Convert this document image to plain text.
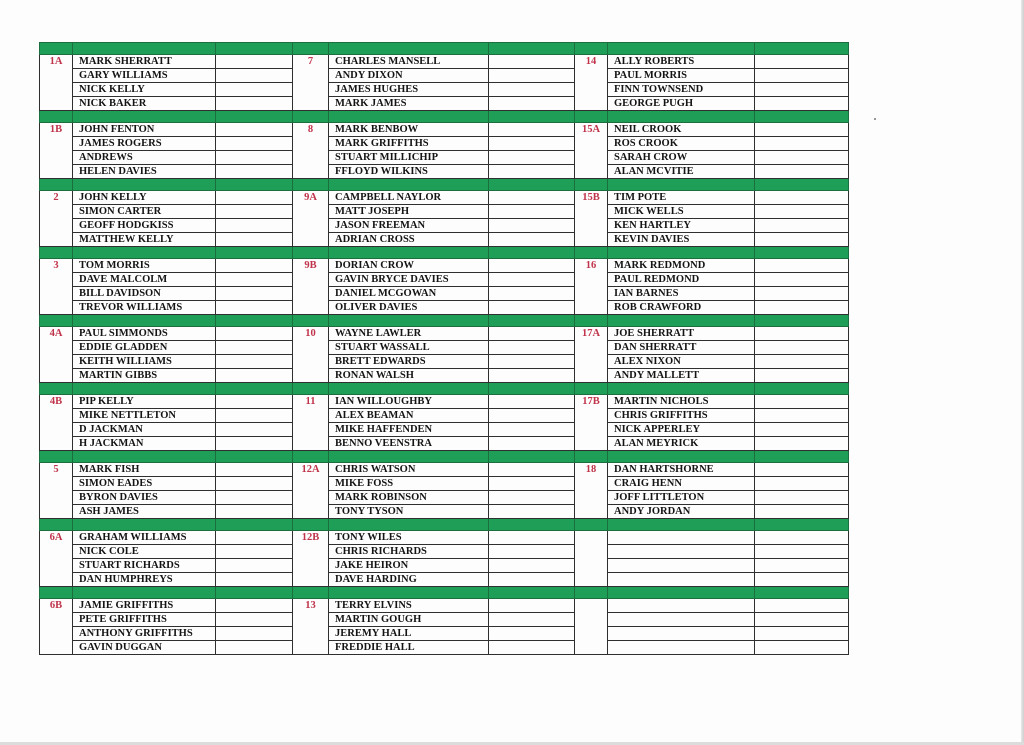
1A	MARK SHERRATT		7	CHARLES MANSELL		14	ALLY ROBERTS	
	GARY WILLIAMS			ANDY DIXON			PAUL MORRIS	
	NICK KELLY			JAMES HUGHES			FINN TOWNSEND	
	NICK BAKER			MARK JAMES			GEORGE PUGH	

1B	JOHN FENTON		8	MARK BENBOW		15A	NEIL CROOK	
	JAMES ROGERS			MARK GRIFFITHS			ROS CROOK	
	ANDREWS			STUART MILLICHIP			SARAH CROW	
	HELEN DAVIES			FFLOYD WILKINS			ALAN MCVITIE	

2	JOHN KELLY		9A	CAMPBELL NAYLOR		15B	TIM POTE	
	SIMON CARTER			MATT JOSEPH			MICK WELLS	
	GEOFF HODGKISS			JASON FREEMAN			KEN HARTLEY	
	MATTHEW KELLY			ADRIAN CROSS			KEVIN DAVIES	

3	TOM MORRIS		9B	DORIAN CROW		16	MARK REDMOND	
	DAVE MALCOLM			GAVIN BRYCE DAVIES			PAUL REDMOND	
	BILL DAVIDSON			DANIEL MCGOWAN			IAN BARNES	
	TREVOR WILLIAMS			OLIVER DAVIES			ROB CRAWFORD	

4A	PAUL SIMMONDS		10	WAYNE LAWLER		17A	JOE SHERRATT	
	EDDIE GLADDEN			STUART WASSALL			DAN SHERRATT	
	KEITH WILLIAMS			BRETT EDWARDS			ALEX NIXON	
	MARTIN GIBBS			RONAN WALSH			ANDY MALLETT	

4B	PIP KELLY		11	IAN WILLOUGHBY		17B	MARTIN NICHOLS	
	MIKE NETTLETON			ALEX BEAMAN			CHRIS GRIFFITHS	
	D JACKMAN			MIKE HAFFENDEN			NICK APPERLEY	
	H JACKMAN			BENNO VEENSTRA			ALAN MEYRICK	

5	MARK FISH		12A	CHRIS WATSON		18	DAN HARTSHORNE	
	SIMON EADES			MIKE FOSS			CRAIG HENN	
	BYRON DAVIES			MARK ROBINSON			JOFF LITTLETON	
	ASH JAMES			TONY TYSON			ANDY JORDAN	

6A	GRAHAM WILLIAMS		12B	TONY WILES				
	NICK COLE			CHRIS RICHARDS				
	STUART RICHARDS			JAKE HEIRON				
	DAN HUMPHREYS			DAVE HARDING				

6B	JAMIE GRIFFITHS		13	TERRY ELVINS				
	PETE GRIFFITHS			MARTIN GOUGH				
	ANTHONY GRIFFITHS			JEREMY HALL				
	GAVIN DUGGAN			FREDDIE HALL				
